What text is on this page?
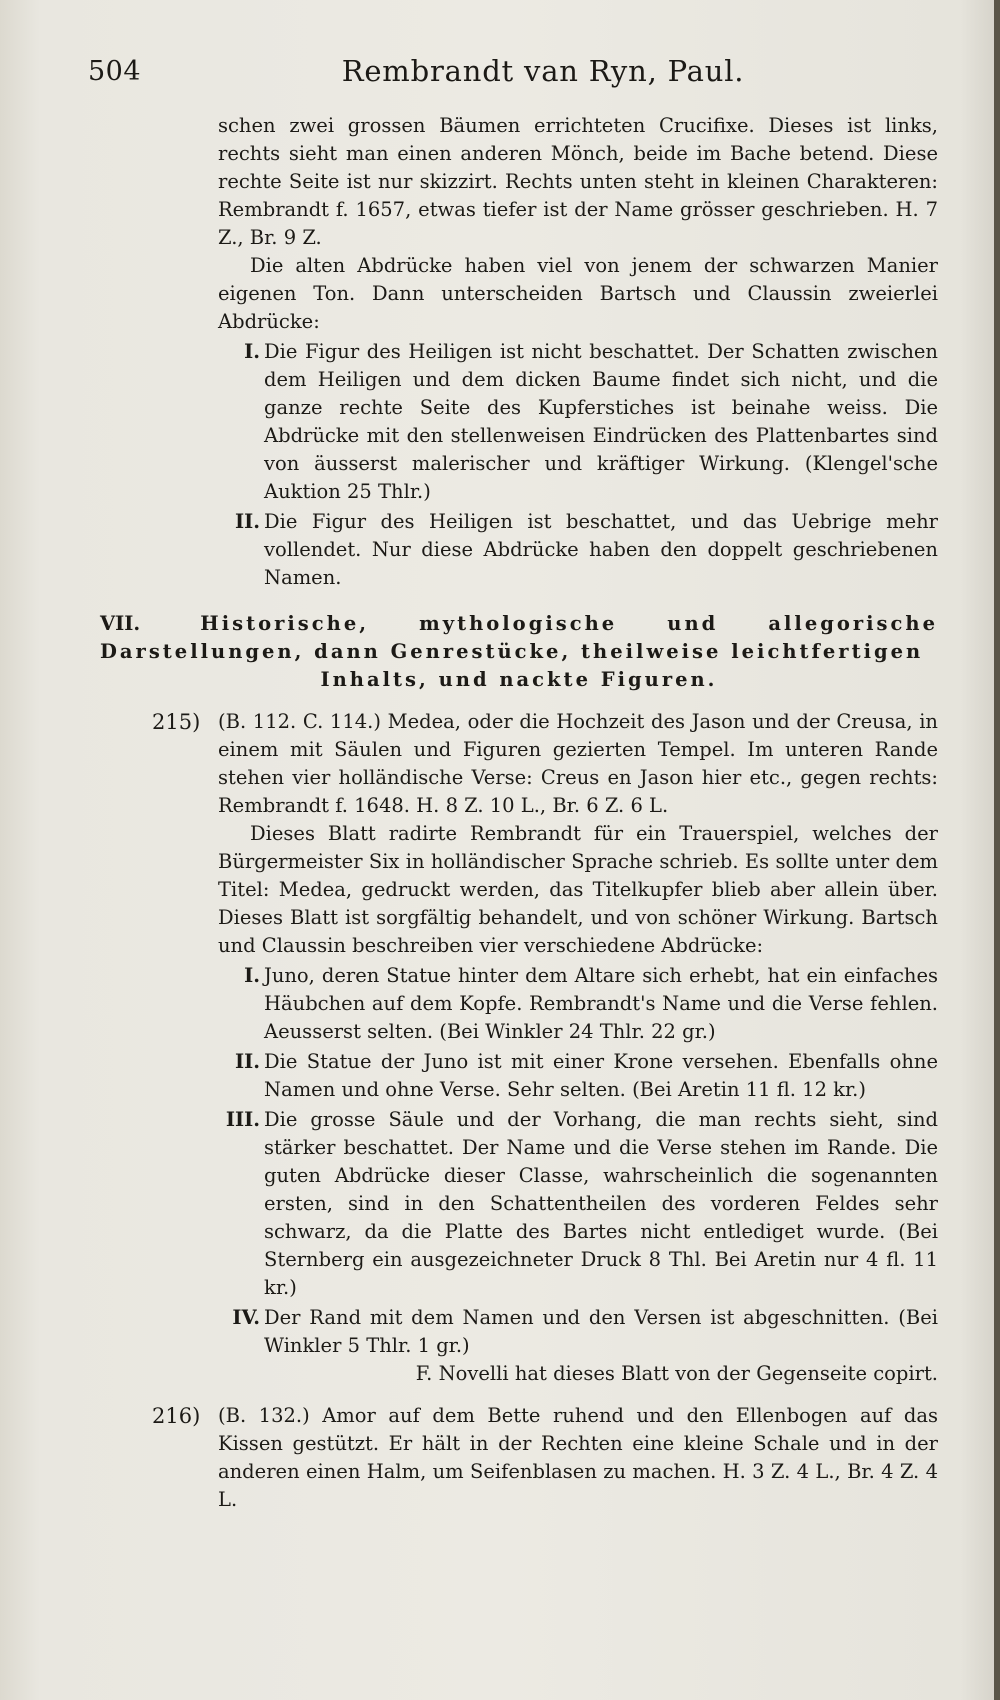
504	Rembrandt van Ryn, Paul.

schen zwei grossen Bäumen errichteten Crucifixe. Dieses ist links, rechts sieht man einen anderen Mönch, beide im Bache betend. Diese rechte Seite ist nur skizzirt. Rechts unten steht in kleinen Charakteren: Rembrandt f. 1657, etwas tiefer ist der Name grösser geschrieben. H. 7 Z., Br. 9 Z.

Die alten Abdrücke haben viel von jenem der schwarzen Manier eigenen Ton. Dann unterscheiden Bartsch und Claussin zweierlei Abdrücke:

I. Die Figur des Heiligen ist nicht beschattet. Der Schatten zwischen dem Heiligen und dem dicken Baume findet sich nicht, und die ganze rechte Seite des Kupferstiches ist beinahe weiss. Die Abdrücke mit den stellenweisen Eindrücken des Plattenbartes sind von äusserst malerischer und kräftiger Wirkung. (Klengel'sche Auktion 25 Thlr.)
II. Die Figur des Heiligen ist beschattet, und das Uebrige mehr vollendet. Nur diese Abdrücke haben den doppelt geschriebenen Namen.
VII.	Historische, mythologische und allegorische Darstellungen, dann Genrestücke, theilweise leichtfertigen
Inhalts, und nackte Figuren.
215) (B. 112. C. 114.) Medea, oder die Hochzeit des Jason und der Creusa, in einem mit Säulen und Figuren gezierten Tempel. Im unteren Rande stehen vier holländische Verse: Creus en Jason hier etc., gegen rechts: Rembrandt f. 1648. H. 8 Z. 10 L., Br. 6 Z. 6 L.

Dieses Blatt radirte Rembrandt für ein Trauerspiel, welches der Bürgermeister Six in holländischer Sprache schrieb. Es sollte unter dem Titel: Medea, gedruckt werden, das Titelkupfer blieb aber allein über. Dieses Blatt ist sorgfältig behandelt, und von schöner Wirkung. Bartsch und Claussin beschreiben vier verschiedene Abdrücke:

I. Juno, deren Statue hinter dem Altare sich erhebt, hat ein einfaches Häubchen auf dem Kopfe. Rembrandt's Name und die Verse fehlen. Aeusserst selten. (Bei Winkler 24 Thlr. 22 gr.)
II. Die Statue der Juno ist mit einer Krone versehen. Ebenfalls ohne Namen und ohne Verse. Sehr selten. (Bei Aretin 11 fl. 12 kr.)
III. Die grosse Säule und der Vorhang, die man rechts sieht, sind stärker beschattet. Der Name und die Verse stehen im Rande. Die guten Abdrücke dieser Classe, wahrscheinlich die sogenannten ersten, sind in den Schattentheilen des vorderen Feldes sehr schwarz, da die Platte des Bartes nicht entlediget wurde. (Bei Sternberg ein ausgezeichneter Druck 8 Thl. Bei Aretin nur 4 fl. 11 kr.)
IV. Der Rand mit dem Namen und den Versen ist abgeschnitten. (Bei Winkler 5 Thlr. 1 gr.)

F. Novelli hat dieses Blatt von der Gegenseite copirt.

216) (B. 132.) Amor auf dem Bette ruhend und den Ellenbogen auf das Kissen gestützt. Er hält in der Rechten eine kleine Schale und in der anderen einen Halm, um Seifenblasen zu machen. H. 3 Z. 4 L., Br. 4 Z. 4 L.
